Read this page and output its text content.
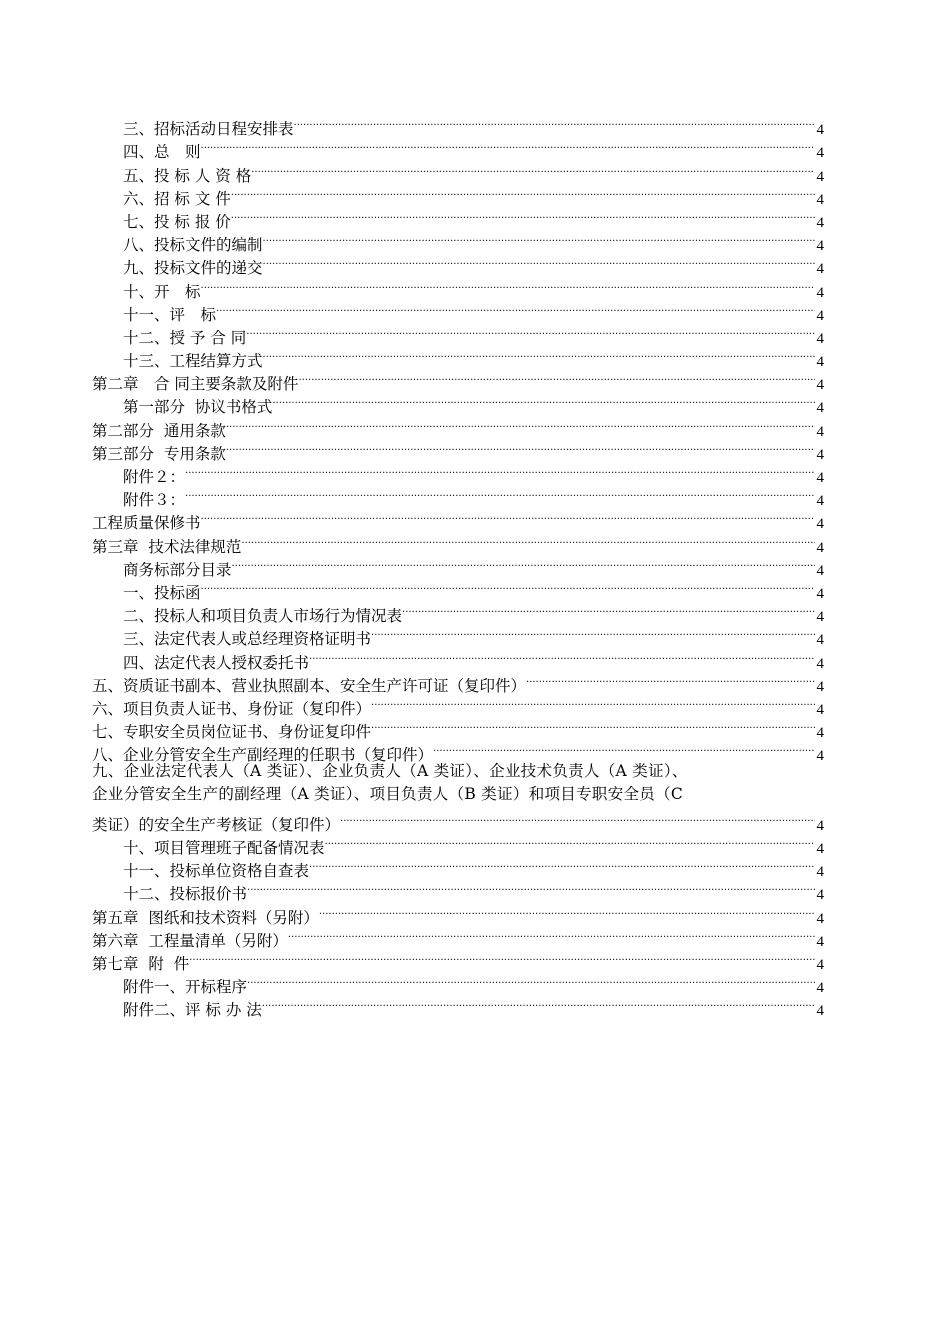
三、招标活动日程安排表 .....	4
四、总　则 .....	4
五、投 标 人 资 格 .....	4
六、招 标 文 件 .....	4
七、投 标 报 价 .....	4
八、投标文件的编制 .....	4
九、投标文件的递交 .....	4
十、开　标 .....	4
十一、评　标 .....	4
十二、授 予 合 同 .....	4
十三、工程结算方式 .....	4
第二章　合 同主要条款及附件 .....	4
第一部分  协议书格式 .....	4
第二部分  通用条款 .....	4
第三部分  专用条款 .....	4
附件２： .....	4
附件３： .....	4
工程质量保修书 .....	4
第三章  技术法律规范 .....	4
商务标部分目录 .....	4
一、投标函 .....	4
二、投标人和项目负责人市场行为情况表 .....	4
三、法定代表人或总经理资格证明书 .....	4
四、法定代表人授权委托书 .....	4
五、资质证书副本、营业执照副本、安全生产许可证（复印件） .....	4
六、项目负责人证书、身份证（复印件） .....	4
七、专职安全员岗位证书、身份证复印件 .....	4
八、企业分管安全生产副经理的任职书（复印件） .....	4
九、企业法定代表人（A 类证）、企业负责人（A 类证）、企业技术负责人（A 类证）、
企业分管安全生产的副经理（A 类证）、项目负责人（B 类证）和项目专职安全员（C
类证）的安全生产考核证（复印件） .....	4
十、项目管理班子配备情况表 .....	4
十一、投标单位资格自查表 .....	4
十二、投标报价书 .....	4
第五章  图纸和技术资料（另附） .....	4
第六章  工程量清单（另附） .....	4
第七章  附  件 .....	4
附件一、开标程序 .....	4
附件二、评 标 办 法 .....	4
